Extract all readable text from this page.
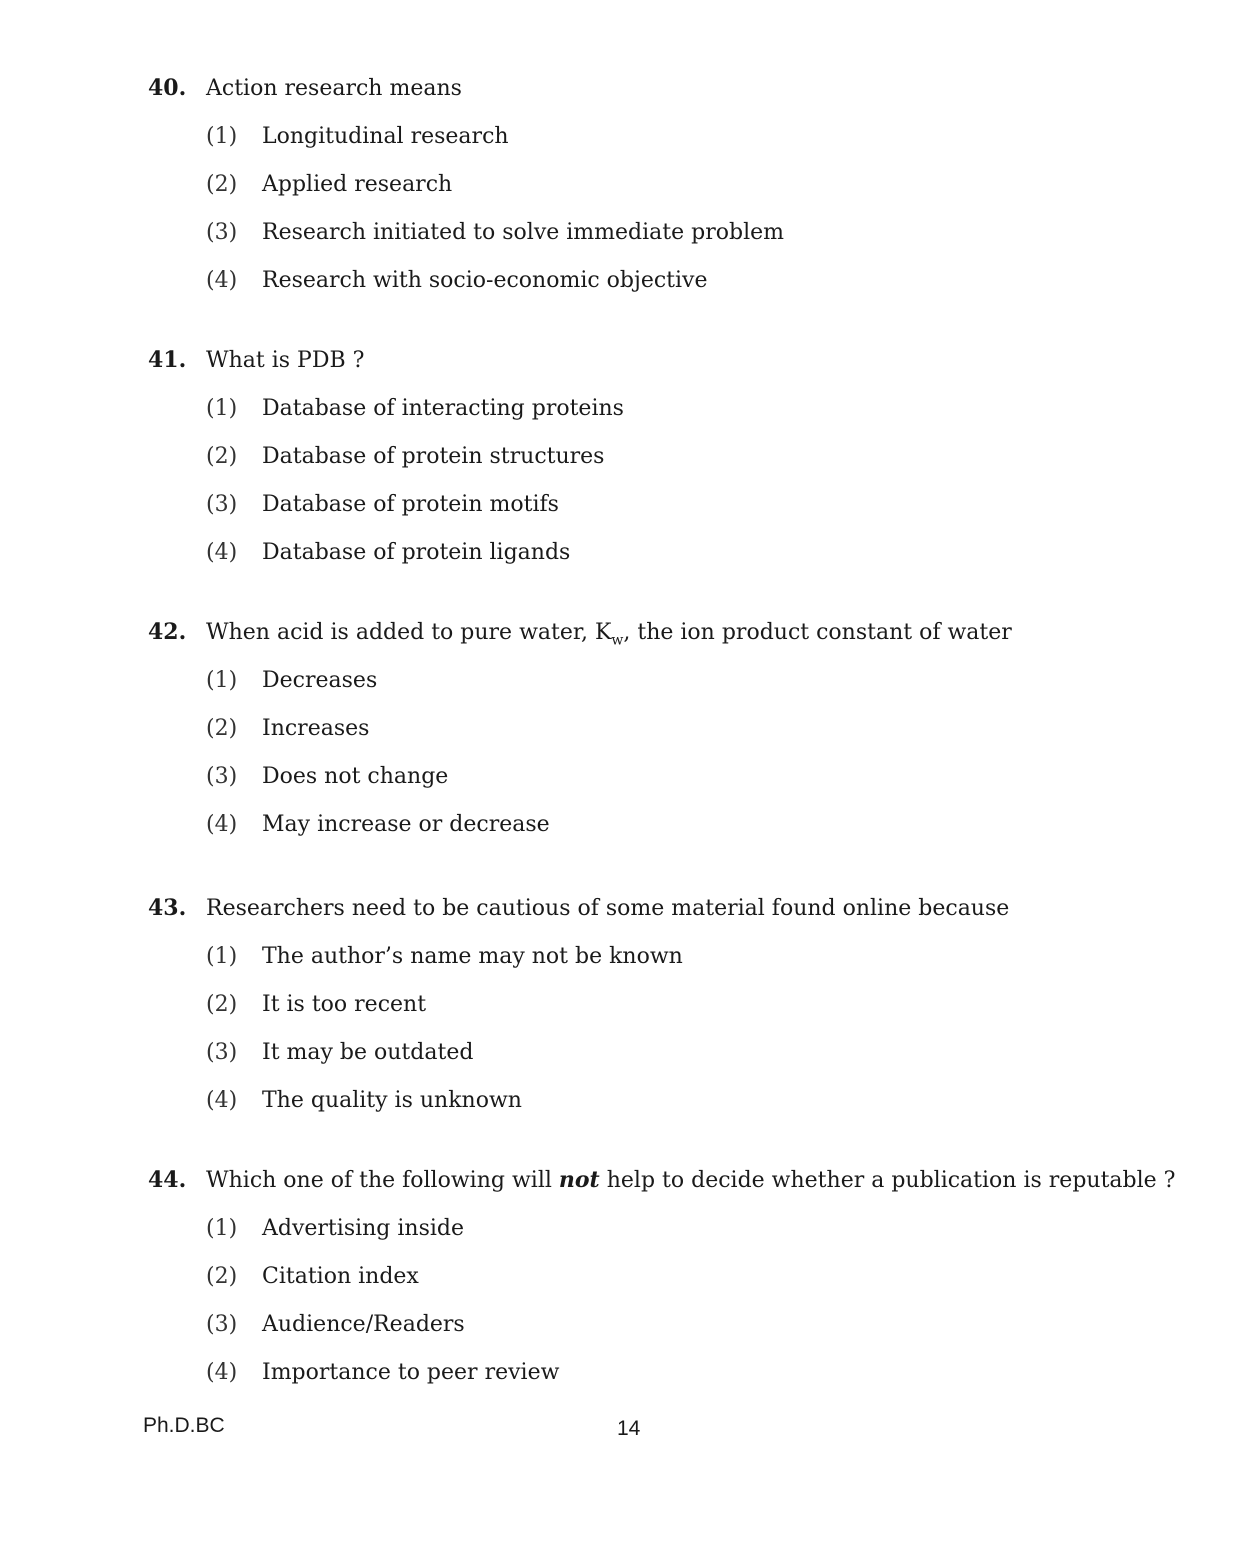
40. Action research means
(1)	Longitudinal research
(2)	Applied research
(3)	Research initiated to solve immediate problem
(4)	Research with socio-economic objective
41. What is PDB ?
(1)	Database of interacting proteins
(2)	Database of protein structures
(3)	Database of protein motifs
(4)	Database of protein ligands
42. When acid is added to pure water, $K_w$, the ion product constant of water
(1)	Decreases
(2)	Increases
(3)	Does not change
(4)	May increase or decrease
43. Researchers need to be cautious of some material found online because
(1)	The author’s name may not be known
(2)	It is too recent
(3)	It may be outdated
(4)	The quality is unknown
44. Which one of the following will not help to decide whether a publication is reputable ?
(1)	Advertising inside
(2)	Citation index
(3)	Audience/Readers
(4)	Importance to peer review
Ph.D.BC	14
